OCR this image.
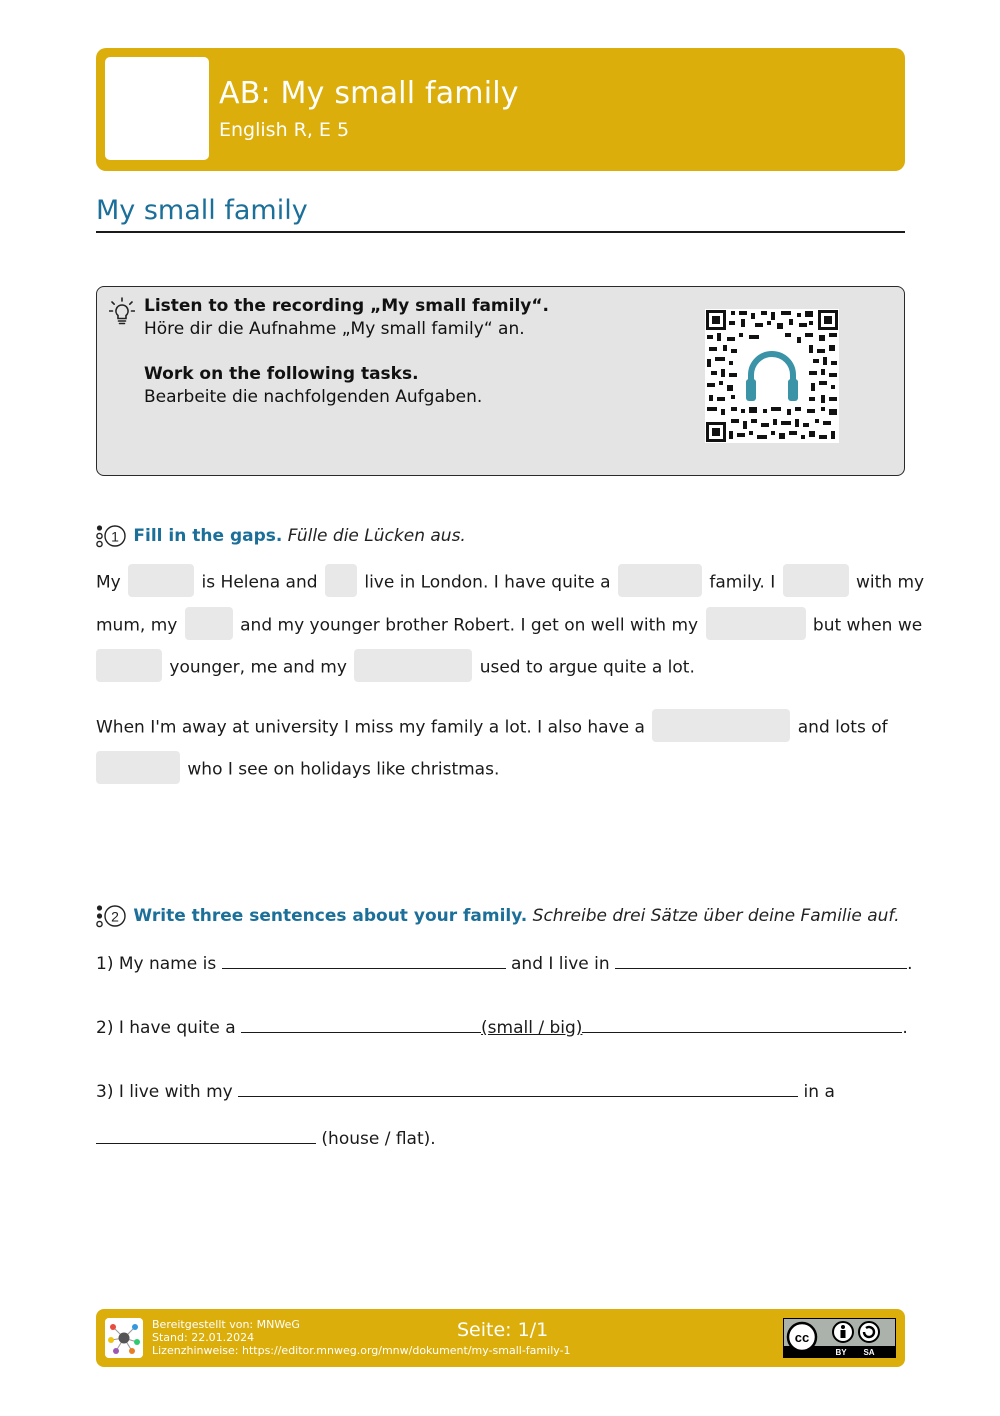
AB: My small family
English R, E 5
My small family
Listen to the recording „My small family“.
Höre dir die Aufnahme „My small family“ an.
Work on the following tasks.
Bearbeite die nachfolgenden Aufgaben.
1 Fill in the gaps. Fülle die Lücken aus.
My	is Helena and	live in London. I have quite a	family. I	with my
mum, my	and my younger brother Robert. I get on well with my	but when we
younger, me and my	used to argue quite a lot.
When I'm away at university I miss my family a lot. I also have a	and lots of
who I see on holidays like christmas.
2 Write three sentences about your family. Schreibe drei Sätze über deine Familie auf.
1) My name is	and I live in	.
2) I have quite a	(small / big)	.
3) I live with my	in a
(house / flat).
Bereitgestellt von: MNWeG
Stand: 22.01.2024
Lizenzhinweise: https://editor.mnweg.org/mnw/dokument/my-small-family-1
Seite: 1/1	cc
BY SA
